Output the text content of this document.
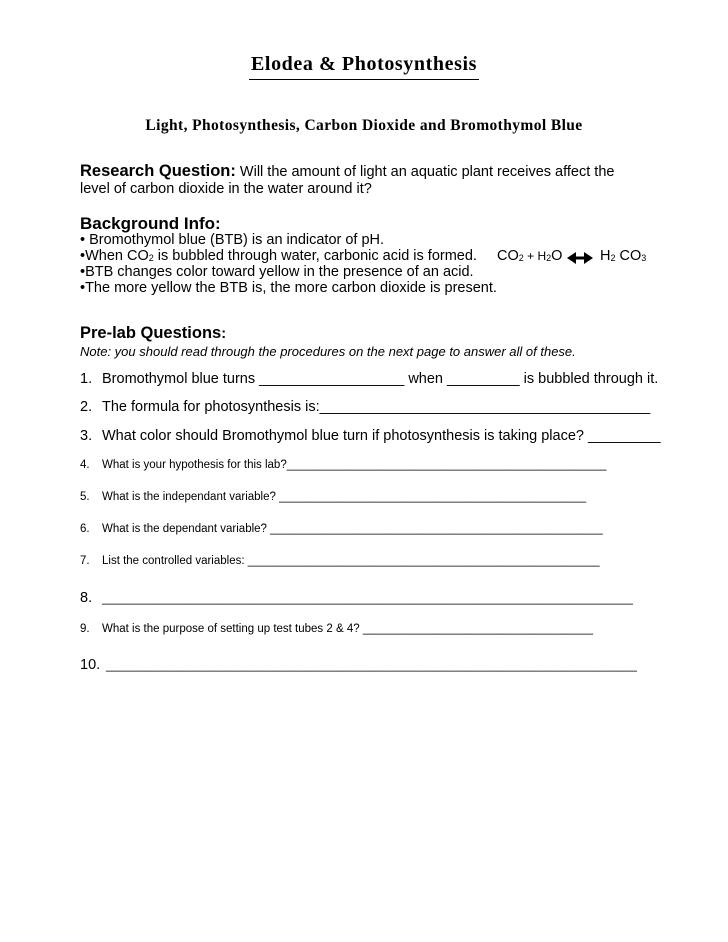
Elodea & Photosynthesis
Light, Photosynthesis, Carbon Dioxide and Bromothymol Blue
Research Question: Will the amount of light an aquatic plant receives affect the
level of carbon dioxide in the water around it?
Background Info:
• Bromothymol blue (BTB) is an indicator of pH.
•When $CO_2$ is bubbled through water, carbonic acid is formed. $CO_2 + H_2O$	$H_2$ $CO_3$
•BTB changes color toward yellow in the presence of an acid.
•The more yellow the BTB is, the more carbon dioxide is present.
Pre-lab Questions:
Note: you should read through the procedures on the next page to answer all of these.
1. Bromothymol blue turns __________________ when _________ is bubbled through it.
2. The formula for photosynthesis is:_________________________________________
3. What color should Bromothymol blue turn if photosynthesis is taking place? _________
4. What is your hypothesis for this lab?__________________________________________________
5. What is the independant variable? ________________________________________________
6. What is the dependant variable? ____________________________________________________
7. List the controlled variables: _______________________________________________________
8. ___________________________________________________________________________________
9. What is the purpose of setting up test tubes 2 & 4? ____________________________________
10. ___________________________________________________________________________________
